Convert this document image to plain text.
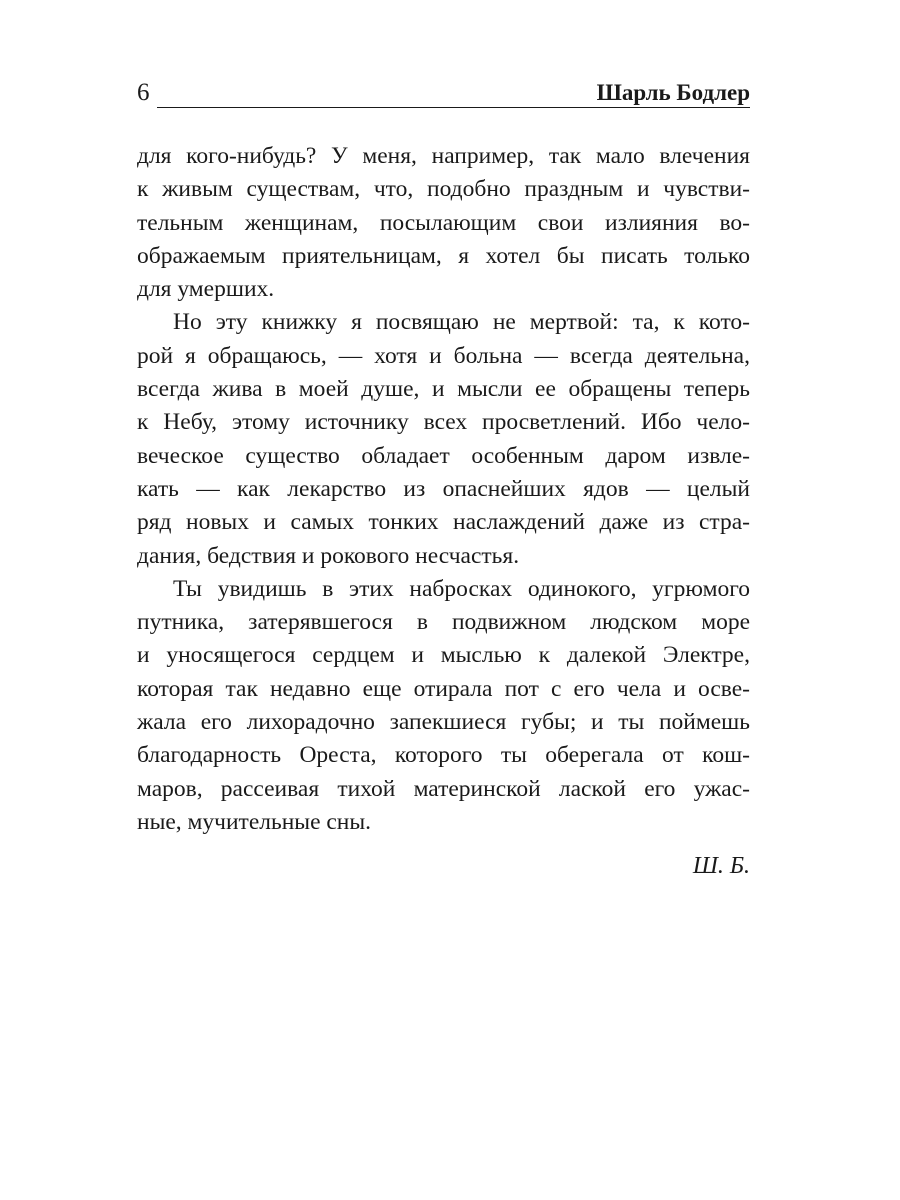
6	Шарль Бодлер
для кого-нибудь? У меня, например, так мало влечения
к живым существам, что, подобно праздным и чувстви-
тельным женщинам, посылающим свои излияния во-
ображаемым приятельницам, я хотел бы писать только
для умерших.
Но эту книжку я посвящаю не мертвой: та, к кото-
рой я обращаюсь, — хотя и больна — всегда деятельна,
всегда жива в моей душе, и мысли ее обращены теперь
к Небу, этому источнику всех просветлений. Ибо чело-
веческое существо обладает особенным даром извле-
кать — как лекарство из опаснейших ядов — целый
ряд новых и самых тонких наслаждений даже из стра-
дания, бедствия и рокового несчастья.
Ты увидишь в этих набросках одинокого, угрюмого
путника, затерявшегося в подвижном людском море
и уносящегося сердцем и мыслью к далекой Электре,
которая так недавно еще отирала пот с его чела и осве-
жала его лихорадочно запекшиеся губы; и ты поймешь
благодарность Ореста, которого ты оберегала от кош-
маров, рассеивая тихой материнской лаской его ужас-
ные, мучительные сны.
Ш. Б.
